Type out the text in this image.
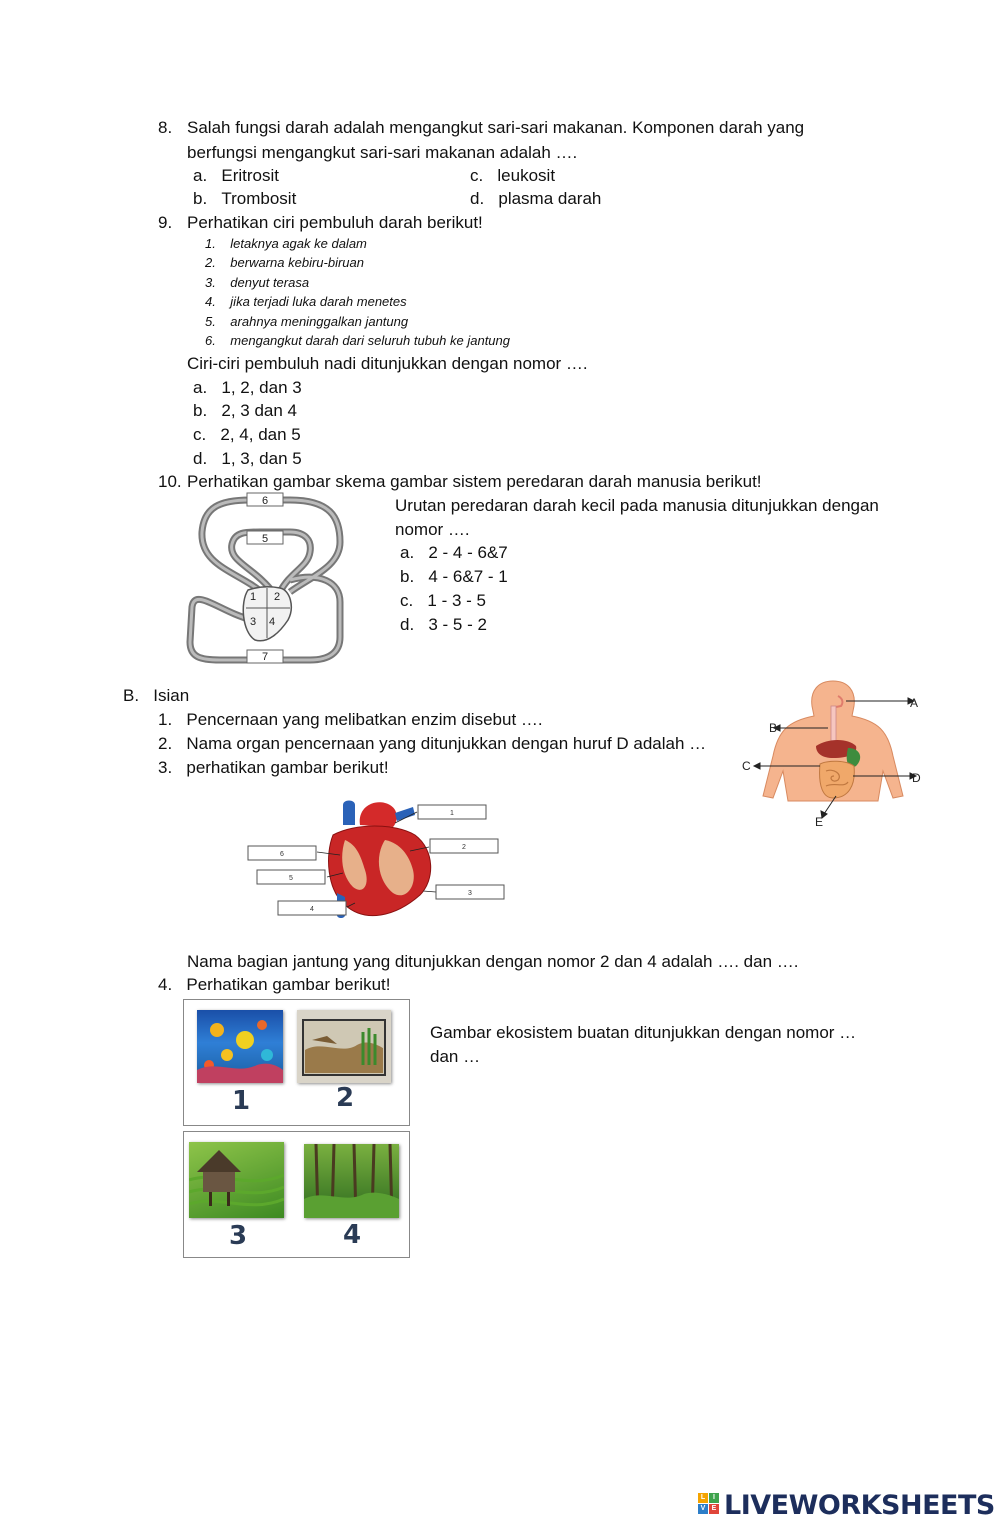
8. Salah fungsi darah adalah mengangkut sari-sari makanan. Komponen darah yang
berfungsi mengangkut sari-sari makanan adalah ….
a. Eritrosit
b. Trombosit
c. leukosit
d. plasma darah
9. Perhatikan ciri pembuluh darah berikut!
1. letaknya agak ke dalam
2. berwarna kebiru-biruan
3. denyut terasa
4. jika terjadi luka darah menetes
5. arahnya meninggalkan jantung
6. mengangkut darah dari seluruh tubuh ke jantung
Ciri-ciri pembuluh nadi ditunjukkan dengan nomor ….
a. 1, 2, dan 3
b. 2, 3 dan 4
c. 2, 4, dan 5
d. 1, 3, dan 5
10. Perhatikan gambar skema gambar sistem peredaran darah manusia berikut!
6
5
1 2
3 4
7
Urutan peredaran darah kecil pada manusia ditunjukkan dengan
nomor ….
a. 2 - 4 - 6&7
b. 4 - 6&7 - 1
c. 1 - 3 - 5
d. 3 - 5 - 2
B. Isian
1. Pencernaan yang melibatkan enzim disebut ….
2. Nama organ pencernaan yang ditunjukkan dengan huruf D adalah …
3. perhatikan gambar berikut!
A
B
C
D
E
1
2
3
4
5
6
Nama bagian jantung yang ditunjukkan dengan nomor 2 dan 4 adalah …. dan ….
4. Perhatikan gambar berikut!
1	2
3	4
Gambar ekosistem buatan ditunjukkan dengan nomor …
dan …
L	I
V E LIVEWORKSHEETS
